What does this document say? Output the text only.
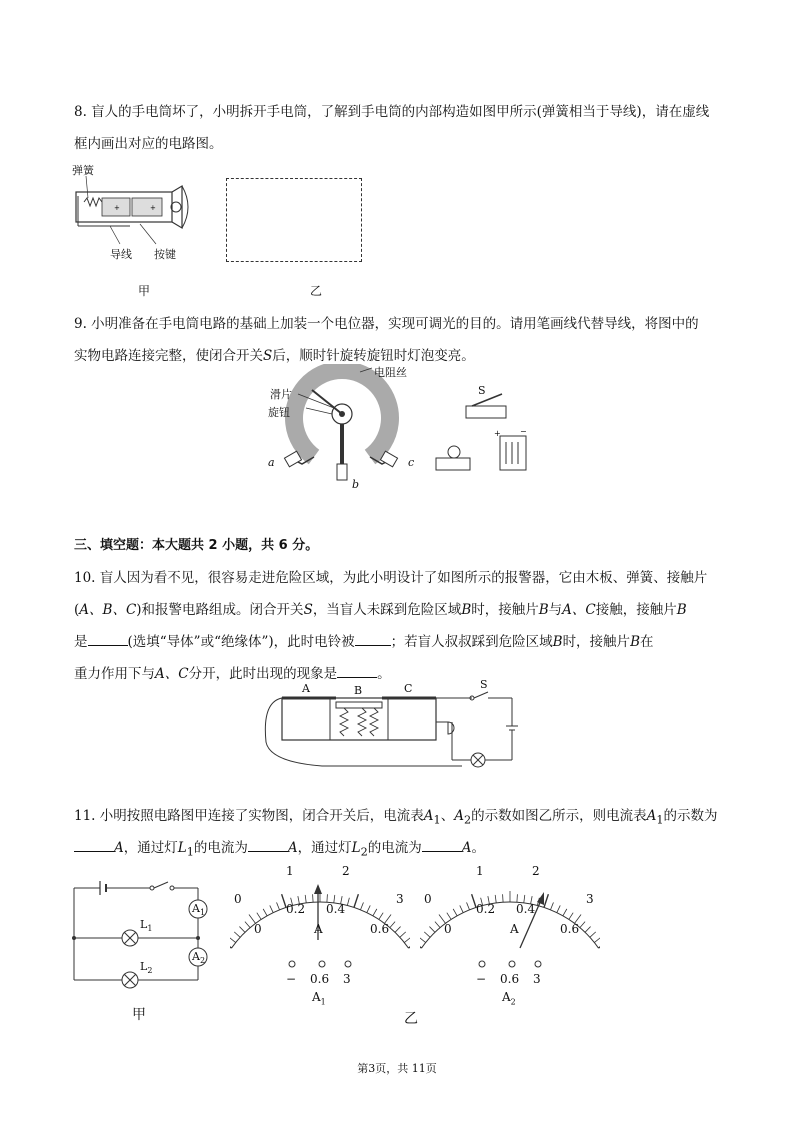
8. 盲人的手电筒坏了，小明拆开手电筒，了解到手电筒的内部构造如图甲所示(弹簧相当于导线)，请在虚线
框内画出对应的电路图。
+	+
弹簧
导线 按键
甲	乙
9. 小明准备在手电筒电路的基础上加装一个电位器，实现可调光的目的。请用笔画线代替导线，将图中的
实物电路连接完整，使闭合开关S后，顺时针旋转旋钮时灯泡变亮。
电阻丝
滑片
旋钮
a
b
c
+ −
S
三、填空题：本大题共 2 小题，共 6 分。
10. 盲人因为看不见，很容易走进危险区域，为此小明设计了如图所示的报警器，它由木板、弹簧、接触片
(A、B、C)和报警电路组成。闭合开关S，当盲人未踩到危险区域B时，接触片B与A、C接触，接触片B
是	(选填“导体”或“绝缘体”)，此时电铃被	；若盲人叔叔踩到危险区域B时，接触片B在
重力作用下与A、C分开，此时出现的现象是	。
A	B	C	S
11. 小明按照电路图甲连接了实物图，闭合开关后，电流表$A_1$、$A_2$的示数如图乙所示，则电流表$A_1$的示数为
A，通过灯$L_1$的电流为	A，通过灯$L_2$的电流为	A。
$A_1$
$A_2$
$L_1$
$L_2$
0
1	2
3
0
0.2 0.4
0.6
A
− 0.6 3
$A_1$
0
1	2
3
0
0.2 0.4
0.6
A
− 0.6 3
$A_2$
甲	乙
第3页，共 11页
